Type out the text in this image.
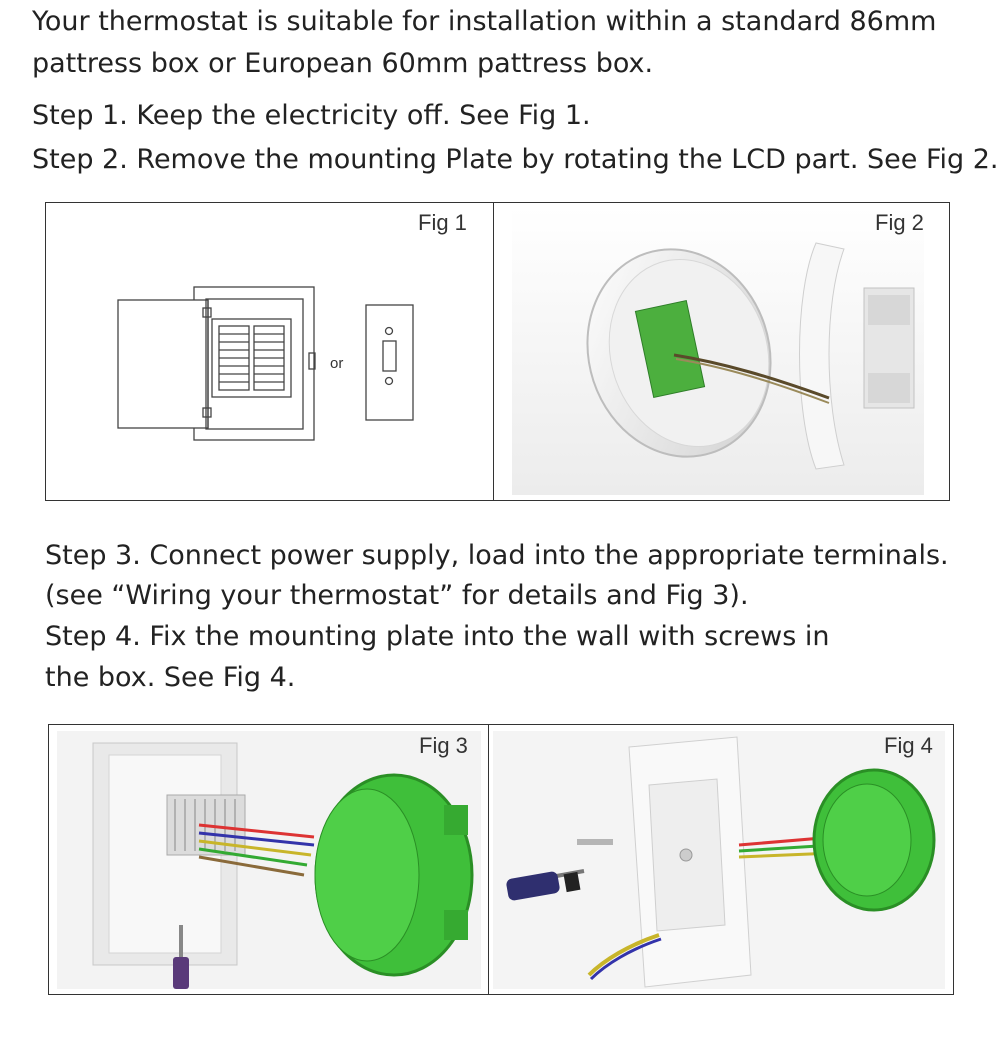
Your thermostat is suitable for installation within a standard 86mm

pattress box or European 60mm pattress box.

Step 1. Keep the electricity off. See Fig 1.

Step 2. Remove the mounting Plate by rotating the LCD part. See Fig 2.

Fig 1
or
Fig 2

Step 3. Connect power supply, load into the appropriate terminals.

(see “Wiring your thermostat” for details and Fig 3).

Step 4. Fix the mounting plate into the wall with screws in

the box. See Fig 4.

Fig 3	Fig 4
